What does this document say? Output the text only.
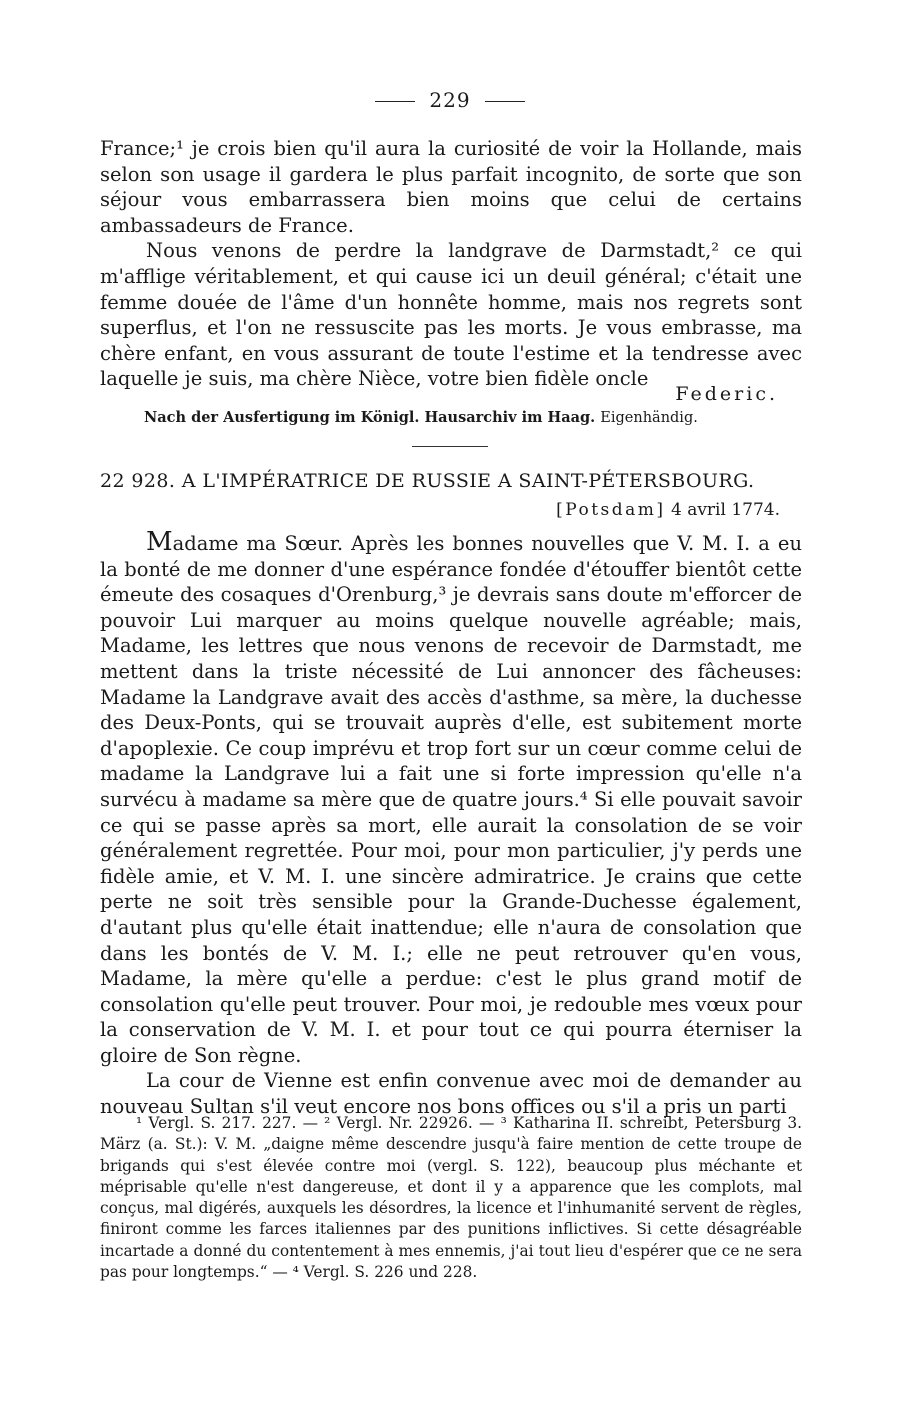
229

France;¹ je crois bien qu'il aura la curiosité de voir la Hollande, mais selon son usage il gardera le plus parfait incognito, de sorte que son séjour vous embarrassera bien moins que celui de certains ambassadeurs de France.

Nous venons de perdre la landgrave de Darmstadt,² ce qui m'afflige véritablement, et qui cause ici un deuil général; c'était une femme douée de l'âme d'un honnête homme, mais nos regrets sont superflus, et l'on ne ressuscite pas les morts. Je vous embrasse, ma chère enfant, en vous assurant de toute l'estime et la tendresse avec laquelle je suis, ma chère Nièce, votre bien fidèle oncle

Federic.
Nach der Ausfertigung im Königl. Hausarchiv im Haag. Eigenhändig.
22 928. A L'IMPÉRATRICE DE RUSSIE A SAINT-PÉTERSBOURG.
[Potsdam] 4 avril 1774.

Madame ma Sœur. Après les bonnes nouvelles que V. M. I. a eu la bonté de me donner d'une espérance fondée d'étouffer bientôt cette émeute des cosaques d'Orenburg,³ je devrais sans doute m'efforcer de pouvoir Lui marquer au moins quelque nouvelle agréable; mais, Madame, les lettres que nous venons de recevoir de Darmstadt, me mettent dans la triste nécessité de Lui annoncer des fâcheuses: Madame la Landgrave avait des accès d'asthme, sa mère, la duchesse des Deux-Ponts, qui se trouvait auprès d'elle, est subitement morte d'apoplexie. Ce coup imprévu et trop fort sur un cœur comme celui de madame la Landgrave lui a fait une si forte impression qu'elle n'a survécu à madame sa mère que de quatre jours.⁴ Si elle pouvait savoir ce qui se passe après sa mort, elle aurait la consolation de se voir généralement regrettée. Pour moi, pour mon particulier, j'y perds une fidèle amie, et V. M. I. une sincère admiratrice. Je crains que cette perte ne soit très sensible pour la Grande-Duchesse également, d'autant plus qu'elle était inattendue; elle n'aura de consolation que dans les bontés de V. M. I.; elle ne peut retrouver qu'en vous, Madame, la mère qu'elle a perdue: c'est le plus grand motif de consolation qu'elle peut trouver. Pour moi, je redouble mes vœux pour la conservation de V. M. I. et pour tout ce qui pourra éterniser la gloire de Son règne.

La cour de Vienne est enfin convenue avec moi de demander au nouveau Sultan s'il veut encore nos bons offices ou s'il a pris un parti

¹ Vergl. S. 217. 227. — ² Vergl. Nr. 22926. — ³ Katharina II. schreibt, Petersburg 3. März (a. St.): V. M. „daigne même descendre jusqu'à faire mention de cette troupe de brigands qui s'est élevée contre moi (vergl. S. 122), beaucoup plus méchante et méprisable qu'elle n'est dangereuse, et dont il y a apparence que les complots, mal conçus, mal digérés, auxquels les désordres, la licence et l'inhumanité servent de règles, finiront comme les farces italiennes par des punitions inflictives. Si cette désagréable incartade a donné du contentement à mes ennemis, j'ai tout lieu d'espérer que ce ne sera pas pour longtemps.“ — ⁴ Vergl. S. 226 und 228.
